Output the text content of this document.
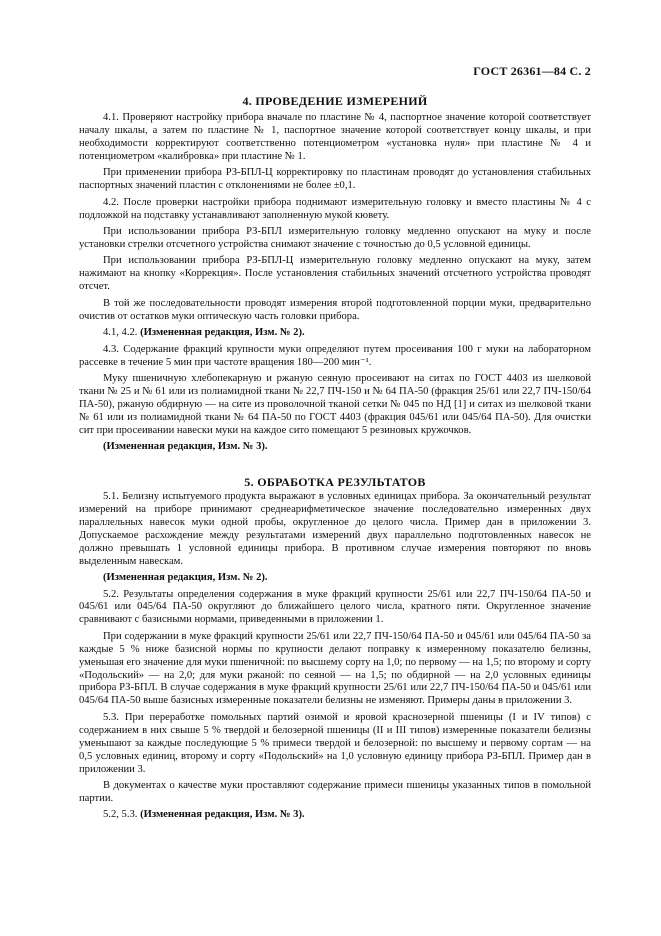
ГОСТ 26361—84 С. 2
4. ПРОВЕДЕНИЕ ИЗМЕРЕНИЙ

4.1. Проверяют настройку прибора вначале по пластине № 4, паспортное значение которой соответствует началу шкалы, а затем по пластине № 1, паспортное значение которой соответствует концу шкалы, и при необходимости корректируют соответственно потенциометром «установка нуля» при пластине № 4 и потенциометром «калибровка» при пластине № 1.

При применении прибора РЗ-БПЛ-Ц корректировку по пластинам проводят до установления стабильных паспортных значений пластин с отклонениями не более ±0,1.

4.2. После проверки настройки прибора поднимают измерительную головку и вместо пластины № 4 с подложкой на подставку устанавливают заполненную мукой кювету.

При использовании прибора РЗ-БПЛ измерительную головку медленно опускают на муку и после установки стрелки отсчетного устройства снимают значение с точностью до 0,5 условной единицы.

При использовании прибора РЗ-БПЛ-Ц измерительную головку медленно опускают на муку, затем нажимают на кнопку «Коррекция». После установления стабильных значений отсчетного устройства проводят отсчет.

В той же последовательности проводят измерения второй подготовленной порции муки, предварительно очистив от остатков муки оптическую часть головки прибора.

4.1, 4.2. (Измененная редакция, Изм. № 2).

4.3. Содержание фракций крупности муки определяют путем просеивания 100 г муки на лабораторном рассевке в течение 5 мин при частоте вращения 180—200 мин⁻¹.

Муку пшеничную хлебопекарную и ржаную сеяную просеивают на ситах по ГОСТ 4403 из шелковой ткани № 25 и № 61 или из полиамидной ткани № 22,7 ПЧ-150 и № 64 ПА-50 (фракция 25/61 или 22,7 ПЧ-150/64 ПА-50), ржаную обдирную — на сите из проволочной тканой сетки № 045 по НД [1] и ситах из шелковой ткани № 61 или из полиамидной ткани № 64 ПА-50 по ГОСТ 4403 (фракция 045/61 или 045/64 ПА-50). Для очистки сит при просеивании навески муки на каждое сито помещают 5 резиновых кружочков.

(Измененная редакция, Изм. № 3).

5. ОБРАБОТКА РЕЗУЛЬТАТОВ

5.1. Белизну испытуемого продукта выражают в условных единицах прибора. За окончательный результат измерений на приборе принимают среднеарифметическое значение последовательно измеренных двух параллельных навесок муки одной пробы, округленное до целого числа. Пример дан в приложении 3. Допускаемое расхождение между результатами измерений двух параллельно подготовленных навесок не должно превышать 1 условной единицы прибора. В противном случае измерения повторяют по вновь выделенным навескам.

(Измененная редакция, Изм. № 2).

5.2. Результаты определения содержания в муке фракций крупности 25/61 или 22,7 ПЧ-150/64 ПА-50 и 045/61 или 045/64 ПА-50 округляют до ближайшего целого числа, кратного пяти. Округленное значение сравнивают с базисными нормами, приведенными в приложении 1.

При содержании в муке фракций крупности 25/61 или 22,7 ПЧ-150/64 ПА-50 и 045/61 или 045/64 ПА-50 за каждые 5 % ниже базисной нормы по крупности делают поправку к измеренному показателю белизны, уменьшая его значение для муки пшеничной: по высшему сорту на 1,0; по первому — на 1,5; по второму и сорту «Подольский» — на 2,0; для муки ржаной: по сеяной — на 1,5; по обдирной — на 2,0 условных единицы прибора РЗ-БПЛ. В случае содержания в муке фракций крупности 25/61 или 22,7 ПЧ-150/64 ПА-50 и 045/61 или 045/64 ПА-50 выше базисных измеренные показатели белизны не изменяют. Примеры даны в приложении 3.

5.3. При переработке помольных партий озимой и яровой краснозерной пшеницы (I и IV типов) с содержанием в них свыше 5 % твердой и белозерной пшеницы (II и III типов) измеренные показатели белизны уменьшают за каждые последующие 5 % примеси твердой и белозерной: по высшему и первому сортам — на 0,5 условных единиц, второму и сорту «Подольский» на 1,0 условную единицу прибора РЗ-БПЛ. Пример дан в приложении 3.

В документах о качестве муки проставляют содержание примеси пшеницы указанных типов в помольной партии.

5.2, 5.3. (Измененная редакция, Изм. № 3).
